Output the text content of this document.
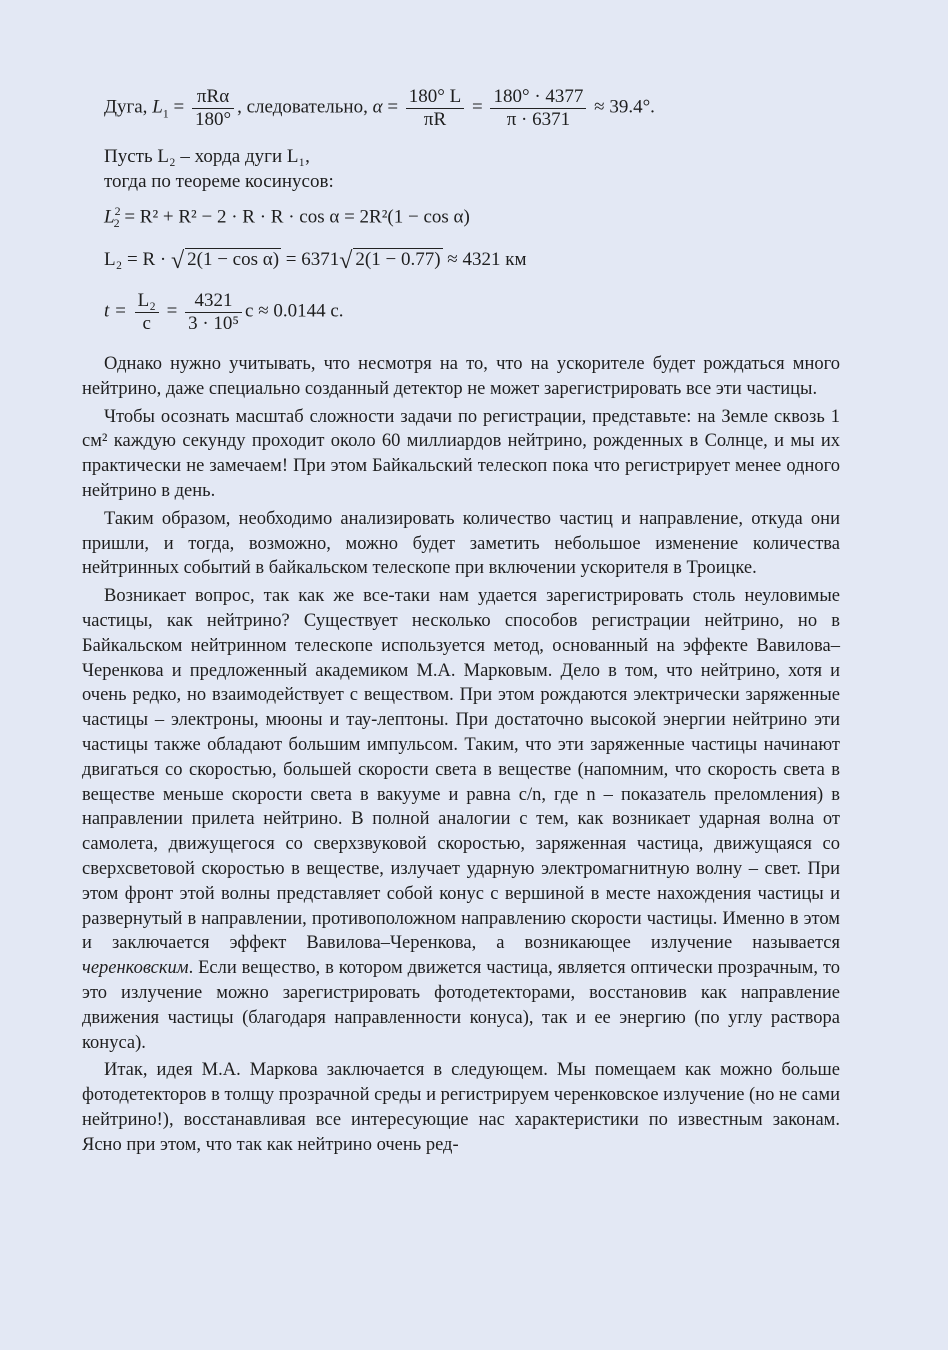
Дуга, $L_1 = \frac{\text{πRα}}{180^\circ}$ , следовательно, $\alpha = \frac{180^\circ L}{\pi R} = \frac{180^\circ \cdot 4377}{\pi \cdot 6371} \approx 39.4^\circ$.
Пусть L₂ – хорда дуги L₁,
тогда по теореме косинусов:
$L^2_2 = R^2 + R^2 - 2 \cdot R \cdot R \cdot \cos \alpha = 2R^2(1 - \cos \alpha)$
L₂ = R · √ 2(1 − cos α) = 6371√ 2(1 − 0.77) ≈ 4321 км
$t = \frac{\text{L₂}}{c} = \frac{4321}{\text{3 · 10⁵}}$ c ≈ 0.0144 c.

Однако нужно учитывать, что несмотря на то, что на ускорителе будет рождаться много нейтрино, даже специально созданный детектор не может зарегистрировать все эти частицы.

Чтобы осознать масштаб сложности задачи по регистрации, представьте: на Земле сквозь 1 см² каждую секунду проходит около 60 миллиардов нейтрино, рожденных в Солнце, и мы их практически не замечаем! При этом Байкальский телескоп пока что регистрирует менее одного нейтрино в день.

Таким образом, необходимо анализировать количество частиц и направление, откуда они пришли, и тогда, возможно, можно будет заметить небольшое изменение количества нейтринных событий в байкальском телескопе при включении ускорителя в Троицке.

Возникает вопрос, так как же все-таки нам удается зарегистрировать столь неуловимые частицы, как нейтрино? Существует несколько способов регистрации нейтрино, но в Байкальском нейтринном телескопе используется метод, основанный на эффекте Вавилова–Черенкова и предложенный академиком М.А. Марковым. Дело в том, что нейтрино, хотя и очень редко, но взаимодействует с веществом. При этом рождаются электрически заряженные частицы – электроны, мюоны и тау-лептоны. При достаточно высокой энергии нейтрино эти частицы также обладают большим импульсом. Таким, что эти заряженные частицы начинают двигаться со скоростью, большей скорости света в веществе (напомним, что скорость света в веществе меньше скорости света в вакууме и равна c/n, где n – показатель преломления) в направлении прилета нейтрино. В полной аналогии с тем, как возникает ударная волна от самолета, движущегося со сверхзвуковой скоростью, заряженная частица, движущаяся со сверхсветовой скоростью в веществе, излучает ударную электромагнитную волну – свет. При этом фронт этой волны представляет собой конус с вершиной в месте нахождения частицы и развернутый в направлении, противоположном направлению скорости частицы. Именно в этом и заключается эффект Вавилова–Черенкова, а возникающее излучение называется черенковским. Если вещество, в котором движется частица, является оптически прозрачным, то это излучение можно зарегистрировать фотодетекторами, восстановив как направление движения частицы (благодаря направленности конуса), так и ее энергию (по углу раствора конуса).

Итак, идея М.А. Маркова заключается в следующем. Мы помещаем как можно больше фотодетекторов в толщу прозрачной среды и регистрируем черенковское излучение (но не сами нейтрино!), восстанавливая все интересующие нас характеристики по известным законам. Ясно при этом, что так как нейтрино очень ред-
